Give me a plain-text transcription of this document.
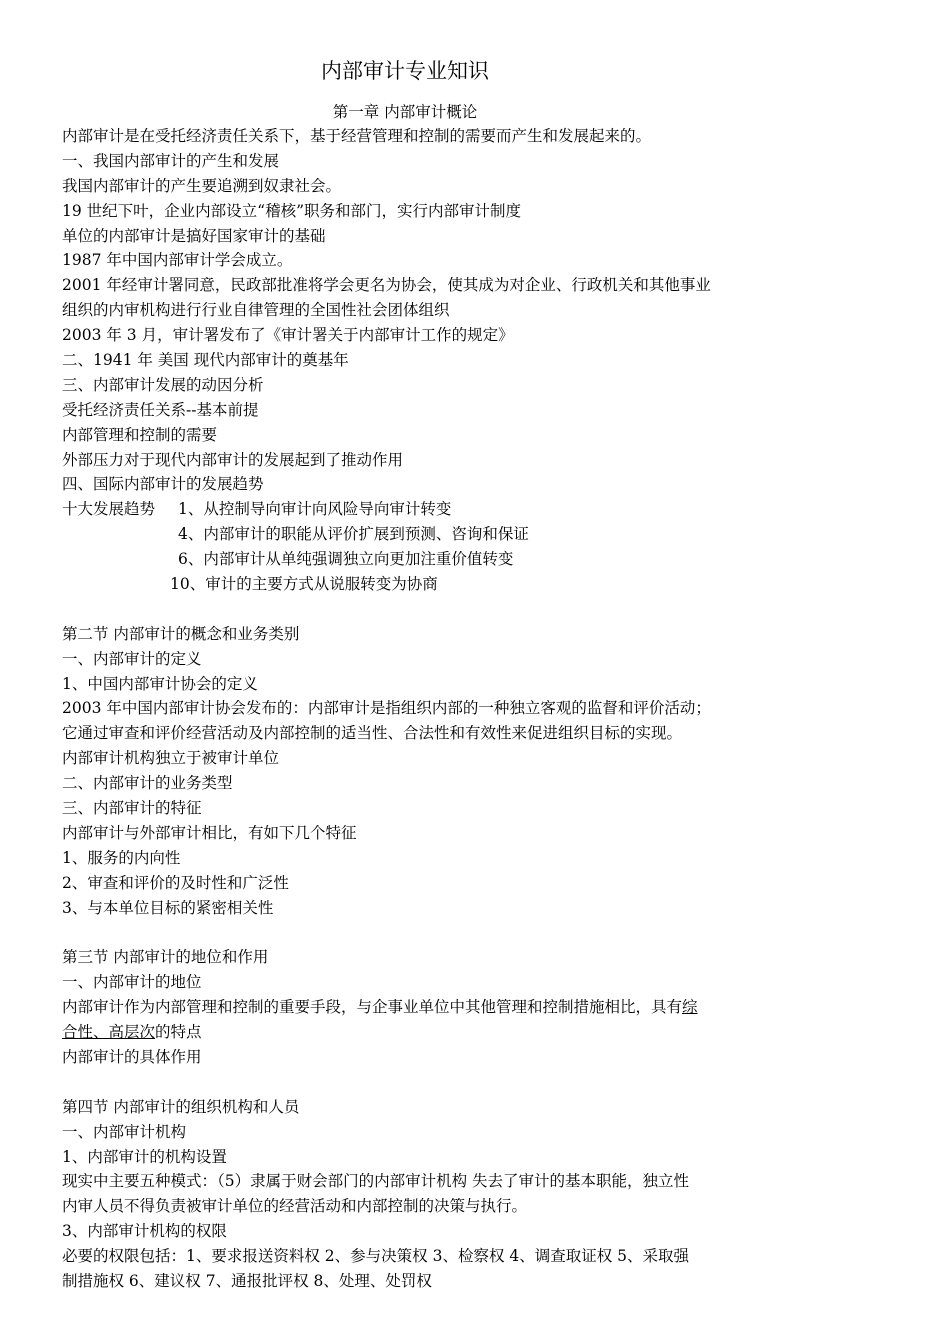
内部审计专业知识
第一章 内部审计概论
内部审计是在受托经济责任关系下，基于经营管理和控制的需要而产生和发展起来的。
一、我国内部审计的产生和发展
我国内部审计的产生要追溯到奴隶社会。
19 世纪下叶，企业内部设立“稽核”职务和部门，实行内部审计制度
单位的内部审计是搞好国家审计的基础
1987 年中国内部审计学会成立。
2001 年经审计署同意，民政部批准将学会更名为协会，使其成为对企业、行政机关和其他事业
组织的内审机构进行行业自律管理的全国性社会团体组织
2003 年 3 月，审计署发布了《审计署关于内部审计工作的规定》
二、1941 年 美国 现代内部审计的奠基年
三、内部审计发展的动因分析
受托经济责任关系--基本前提
内部管理和控制的需要
外部压力对于现代内部审计的发展起到了推动作用
四、国际内部审计的发展趋势
十大发展趋势 1、从控制导向审计向风险导向审计转变
4、内部审计的职能从评价扩展到预测、咨询和保证
6、内部审计从单纯强调独立向更加注重价值转变
10、审计的主要方式从说服转变为协商
第二节 内部审计的概念和业务类别
一、内部审计的定义
1、中国内部审计协会的定义
2003 年中国内部审计协会发布的：内部审计是指组织内部的一种独立客观的监督和评价活动；
它通过审查和评价经营活动及内部控制的适当性、合法性和有效性来促进组织目标的实现。
内部审计机构独立于被审计单位
二、内部审计的业务类型
三、内部审计的特征
内部审计与外部审计相比，有如下几个特征
1、服务的内向性
2、审查和评价的及时性和广泛性
3、与本单位目标的紧密相关性
第三节 内部审计的地位和作用
一、内部审计的地位
内部审计作为内部管理和控制的重要手段，与企事业单位中其他管理和控制措施相比，具有综
合性、高层次的特点
内部审计的具体作用
第四节 内部审计的组织机构和人员
一、内部审计机构
1、内部审计的机构设置
现实中主要五种模式：（5）隶属于财会部门的内部审计机构 失去了审计的基本职能，独立性
内审人员不得负责被审计单位的经营活动和内部控制的决策与执行。
3、内部审计机构的权限
必要的权限包括：1、要求报送资料权 2、参与决策权 3、检察权 4、调查取证权 5、采取强
制措施权 6、建议权 7、通报批评权 8、处理、处罚权
